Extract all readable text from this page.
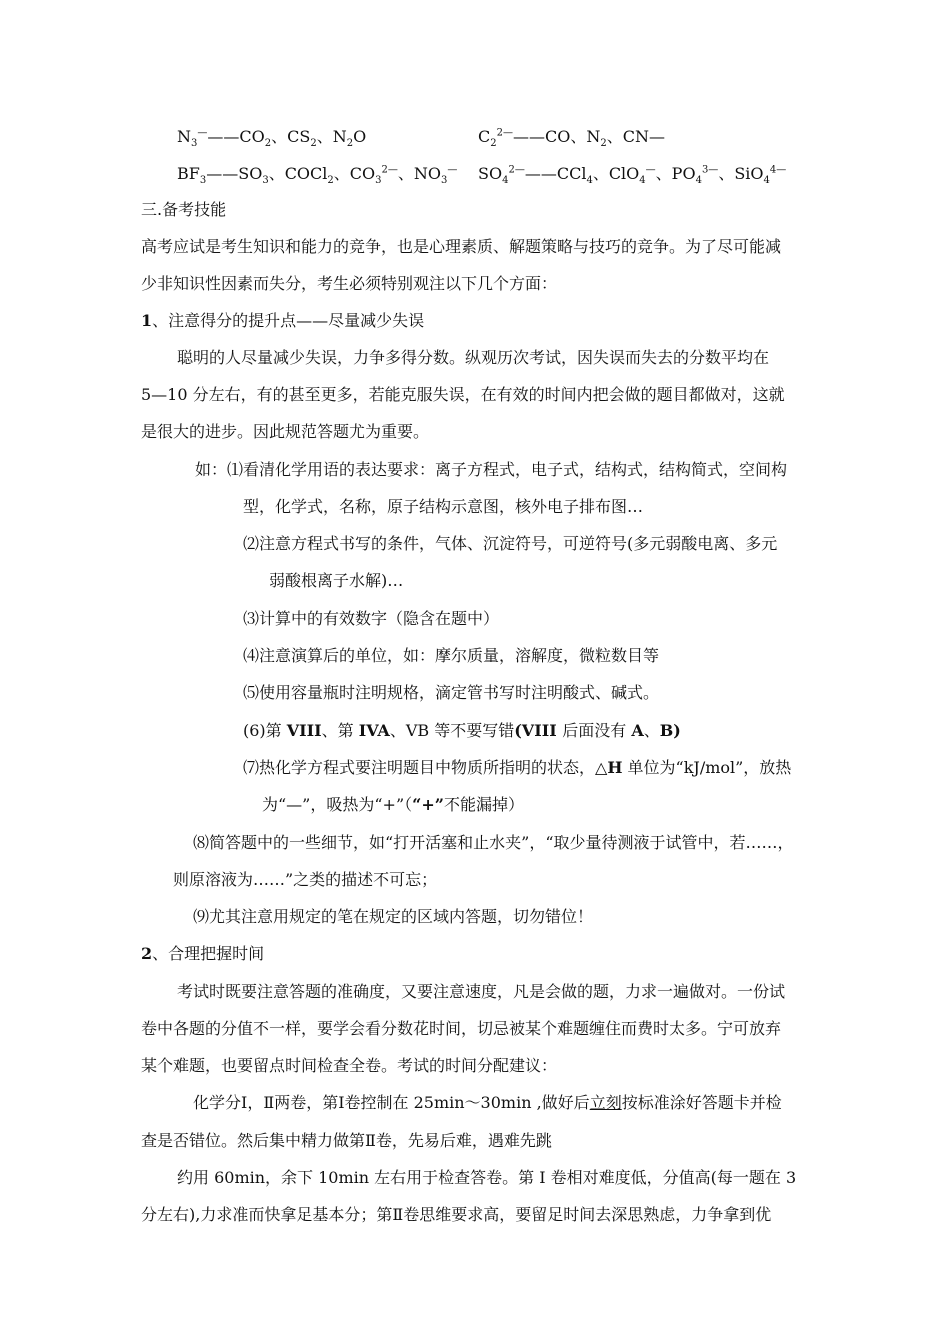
$N_3^———CO_2$、$CS_2$、$N_2O$	$C_2^{2—}——CO$、$N_2$、CN—
$BF_3——SO_3$、COCl$_2$、$CO_3^{2—}$、$NO_3^—$ $SO_4^{2—}——CCl_4$、ClO$_4$—、$PO_4^{3—}$、SiO$_4^{4—}$
三.备考技能
高考应试是考生知识和能力的竞争，也是心理素质、解题策略与技巧的竞争。为了尽可能减
少非知识性因素而失分，考生必须特别观注以下几个方面：
1、注意得分的提升点——尽量减少失误
聪明的人尽量减少失误，力争多得分数。纵观历次考试，因失误而失去的分数平均在
5—10 分左右，有的甚至更多，若能克服失误，在有效的时间内把会做的题目都做对，这就
是很大的进步。因此规范答题尤为重要。
如：⑴看清化学用语的表达要求：离子方程式，电子式，结构式，结构简式，空间构
型，化学式，名称，原子结构示意图，核外电子排布图…
⑵注意方程式书写的条件，气体、沉淀符号，可逆符号(多元弱酸电离、多元
弱酸根离子水解)…
⑶计算中的有效数字（隐含在题中）
⑷注意演算后的单位，如：摩尔质量，溶解度，微粒数目等
⑸使用容量瓶时注明规格，滴定管书写时注明酸式、碱式。
(6)第 VIII、第 IVA、ⅤB 等不要写错(VIII 后面没有 A、B)
⑺热化学方程式要注明题目中物质所指明的状态，△H 单位为“kJ/mol”，放热
为“—”，吸热为“+”（“+”不能漏掉）
⑻简答题中的一些细节，如“打开活塞和止水夹”，“取少量待测液于试管中，若……，
则原溶液为……”之类的描述不可忘；
⑼尤其注意用规定的笔在规定的区域内答题，切勿错位！
2、合理把握时间
考试时既要注意答题的准确度，又要注意速度，凡是会做的题，力求一遍做对。一份试
卷中各题的分值不一样，要学会看分数花时间，切忌被某个难题缠住而费时太多。宁可放弃
某个难题，也要留点时间检查全卷。考试的时间分配建议：
化学分Ⅰ，Ⅱ两卷，第Ⅰ卷控制在 25min～30min ,做好后立刻按标准涂好答题卡并检
查是否错位。然后集中精力做第Ⅱ卷，先易后难，遇难先跳
约用 60min，余下 10min 左右用于检查答卷。第 I 卷相对难度低，分值高(每一题在 3
分左右),力求准而快拿足基本分；第Ⅱ卷思维要求高，要留足时间去深思熟虑，力争拿到优
